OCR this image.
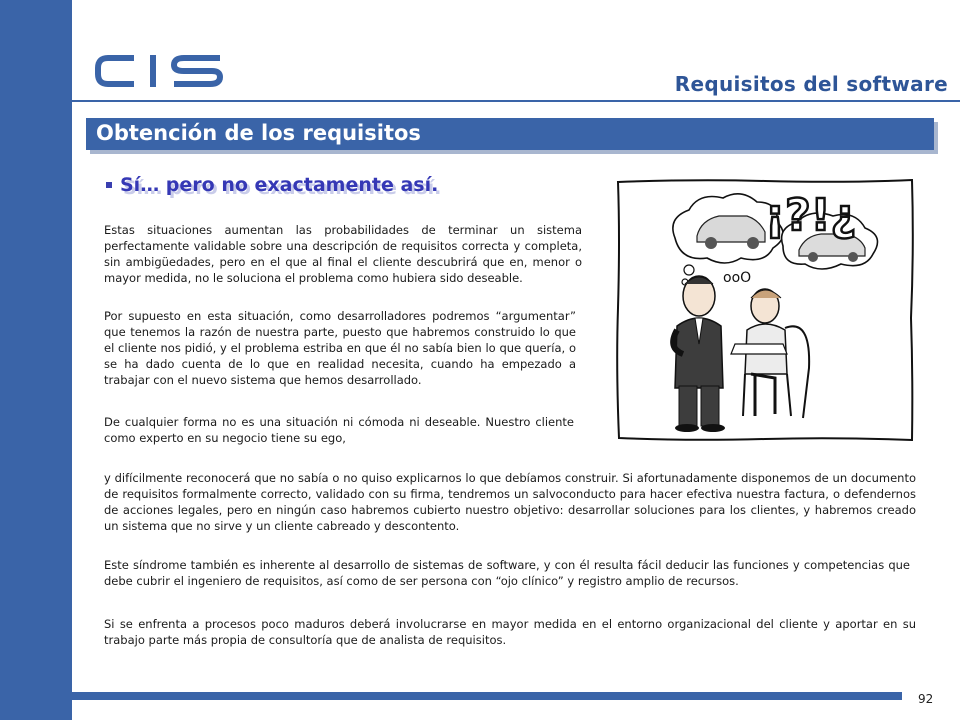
Requisitos del software
Obtención de los requisitos
Sí… pero no exactamente así.

Estas situaciones aumentan las probabilidades de terminar un sistema perfectamente validable sobre una descripción de requisitos correcta y completa, sin ambigüedades, pero en el que al final el cliente descubrirá que en, menor o mayor medida, no le soluciona el problema como hubiera sido deseable.

Por supuesto en esta situación, como desarrolladores podremos “argumentar” que tenemos la razón de nuestra parte, puesto que habremos construido lo que el cliente nos pidió, y el problema estriba en que él no sabía bien lo que quería, o se ha dado cuenta de lo que en realidad necesita, cuando ha empezado a trabajar con el nuevo sistema que hemos desarrollado.

De cualquier forma no es una situación ni cómoda ni deseable. Nuestro cliente como experto en su negocio tiene su ego,

y difícilmente reconocerá que no sabía o no quiso explicarnos lo que debíamos construir. Si afortunadamente disponemos de un documento de requisitos formalmente correcto, validado con su firma, tendremos un salvoconducto para hacer efectiva nuestra factura, o defendernos de acciones legales, pero en ningún caso habremos cubierto nuestro objetivo: desarrollar soluciones para los clientes, y habremos creado un sistema que no sirve y un cliente cabreado y descontento.

Este síndrome también es inherente al desarrollo de sistemas de software, y con él resulta fácil deducir las funciones y competencias que debe cubrir el ingeniero de requisitos, así como de ser persona con “ojo clínico” y registro amplio de recursos.

Si se enfrenta a procesos poco maduros deberá involucrarse en mayor medida en el entorno organizacional del cliente y aportar en su trabajo parte más propia de consultoría que de analista de requisitos.

¡?!¿
ooO
92
